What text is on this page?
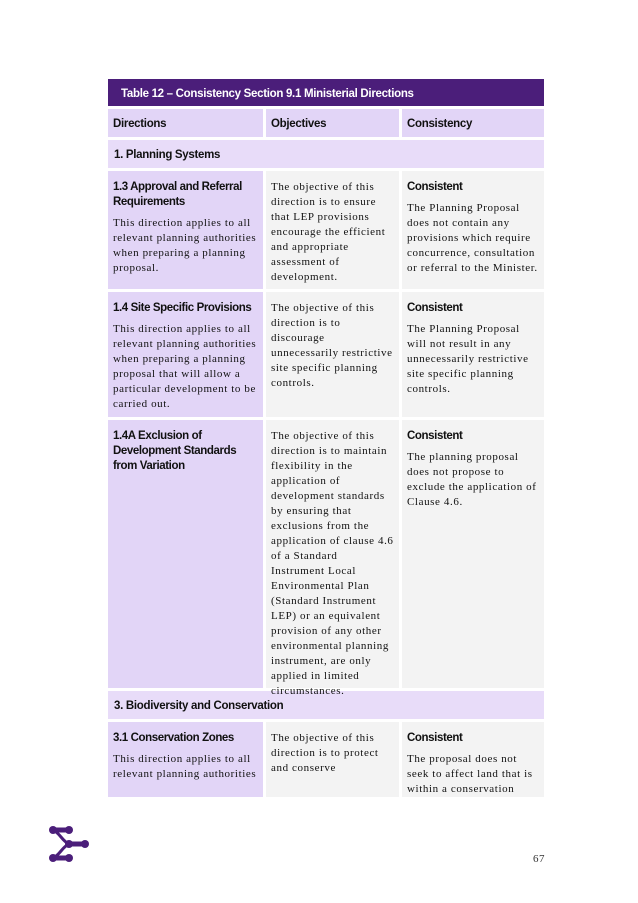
Table 12 – Consistency Section 9.1 Ministerial Directions
Directions	Objectives	Consistency
1. Planning Systems
1.3 Approval and Referral Requirements
This direction applies to all relevant planning authorities when preparing a planning proposal.
The objective of this direction is to ensure that LEP provisions encourage the efficient and appropriate assessment of development.
Consistent
The Planning Proposal does not contain any provisions which require concurrence, consultation or referral to the Minister.
1.4 Site Specific Provisions
This direction applies to all relevant planning authorities when preparing a planning proposal that will allow a particular development to be carried out.
The objective of this direction is to discourage unnecessarily restrictive site specific planning controls.
Consistent
The Planning Proposal will not result in any unnecessarily restrictive site specific planning controls.
1.4A Exclusion of Development Standards from Variation
The objective of this direction is to maintain flexibility in the application of development standards by ensuring that exclusions from the application of clause 4.6 of a Standard Instrument Local Environmental Plan (Standard Instrument LEP) or an equivalent provision of any other environmental planning instrument, are only applied in limited circumstances.
Consistent
The planning proposal does not propose to exclude the application of Clause 4.6.
3. Biodiversity and Conservation
3.1 Conservation Zones
This direction applies to all relevant planning authorities
The objective of this direction is to protect and conserve
Consistent
The proposal does not seek to affect land that is within a conservation
67
